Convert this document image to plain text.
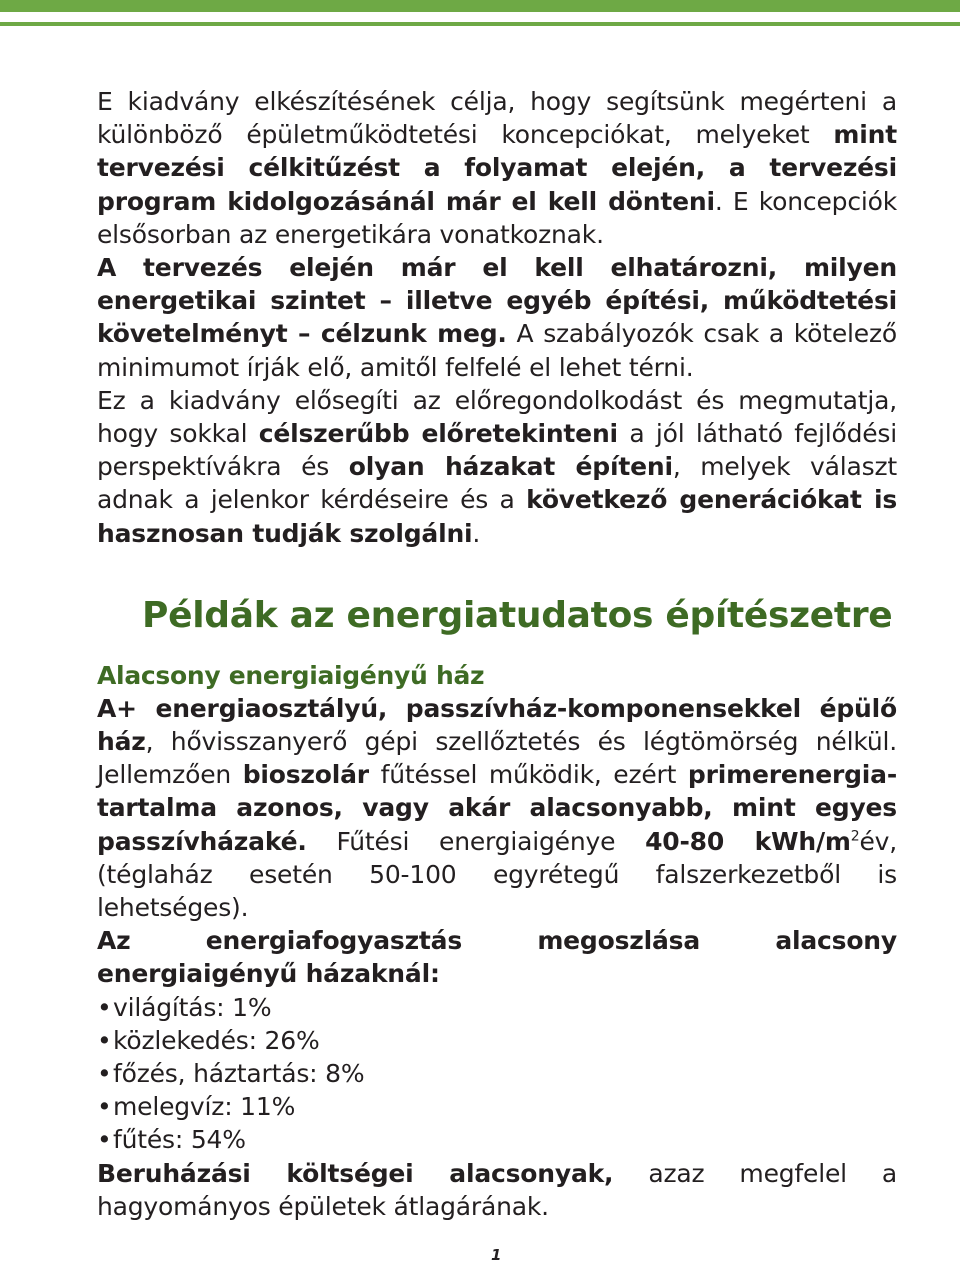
E kiadvány elkészítésének célja, hogy segítsünk megérteni a különböző épületműködtetési koncepciókat, melyeket mint tervezési célkitűzést a folyamat elején, a tervezési program kidolgozásánál már el kell dönteni. E koncepciók elsősorban az energetikára vonatkoznak.

A tervezés elején már el kell elhatározni, milyen energetikai szintet – illetve egyéb építési, működtetési követelményt – célzunk meg. A szabályozók csak a kötelező minimumot írják elő, amitől felfelé el lehet térni.

Ez a kiadvány elősegíti az előregondolkodást és megmutatja, hogy sokkal célszerűbb előretekinteni a jól látható fejlődési perspektívákra és olyan házakat építeni, melyek választ adnak a jelenkor kérdéseire és a következő generációkat is hasznosan tudják szolgálni.

Példák az energiatudatos építészetre
Alacsony energiaigényű ház

A+ energiaosztályú, passzívház-komponensekkel épülő ház, hővisszanyerő gépi szellőztetés és légtömörség nélkül. Jellemzően bioszolár fűtéssel működik, ezért primerenergia-tartalma azonos, vagy akár alacsonyabb, mint egyes passzívházaké. Fűtési energiaigénye 40-80 kWh/$m^2év$, (téglaház esetén 50-100 egyrétegű falszerkezetből is lehetséges).

Az energiafogyasztás megoszlása alacsony energiaigényű házaknál:

•világítás: 1%
•közlekedés: 26%
•főzés, háztartás: 8%
•melegvíz: 11%
•fűtés: 54%

Beruházási költségei alacsonyak, azaz megfelel a hagyományos épületek átlagárának.

1
